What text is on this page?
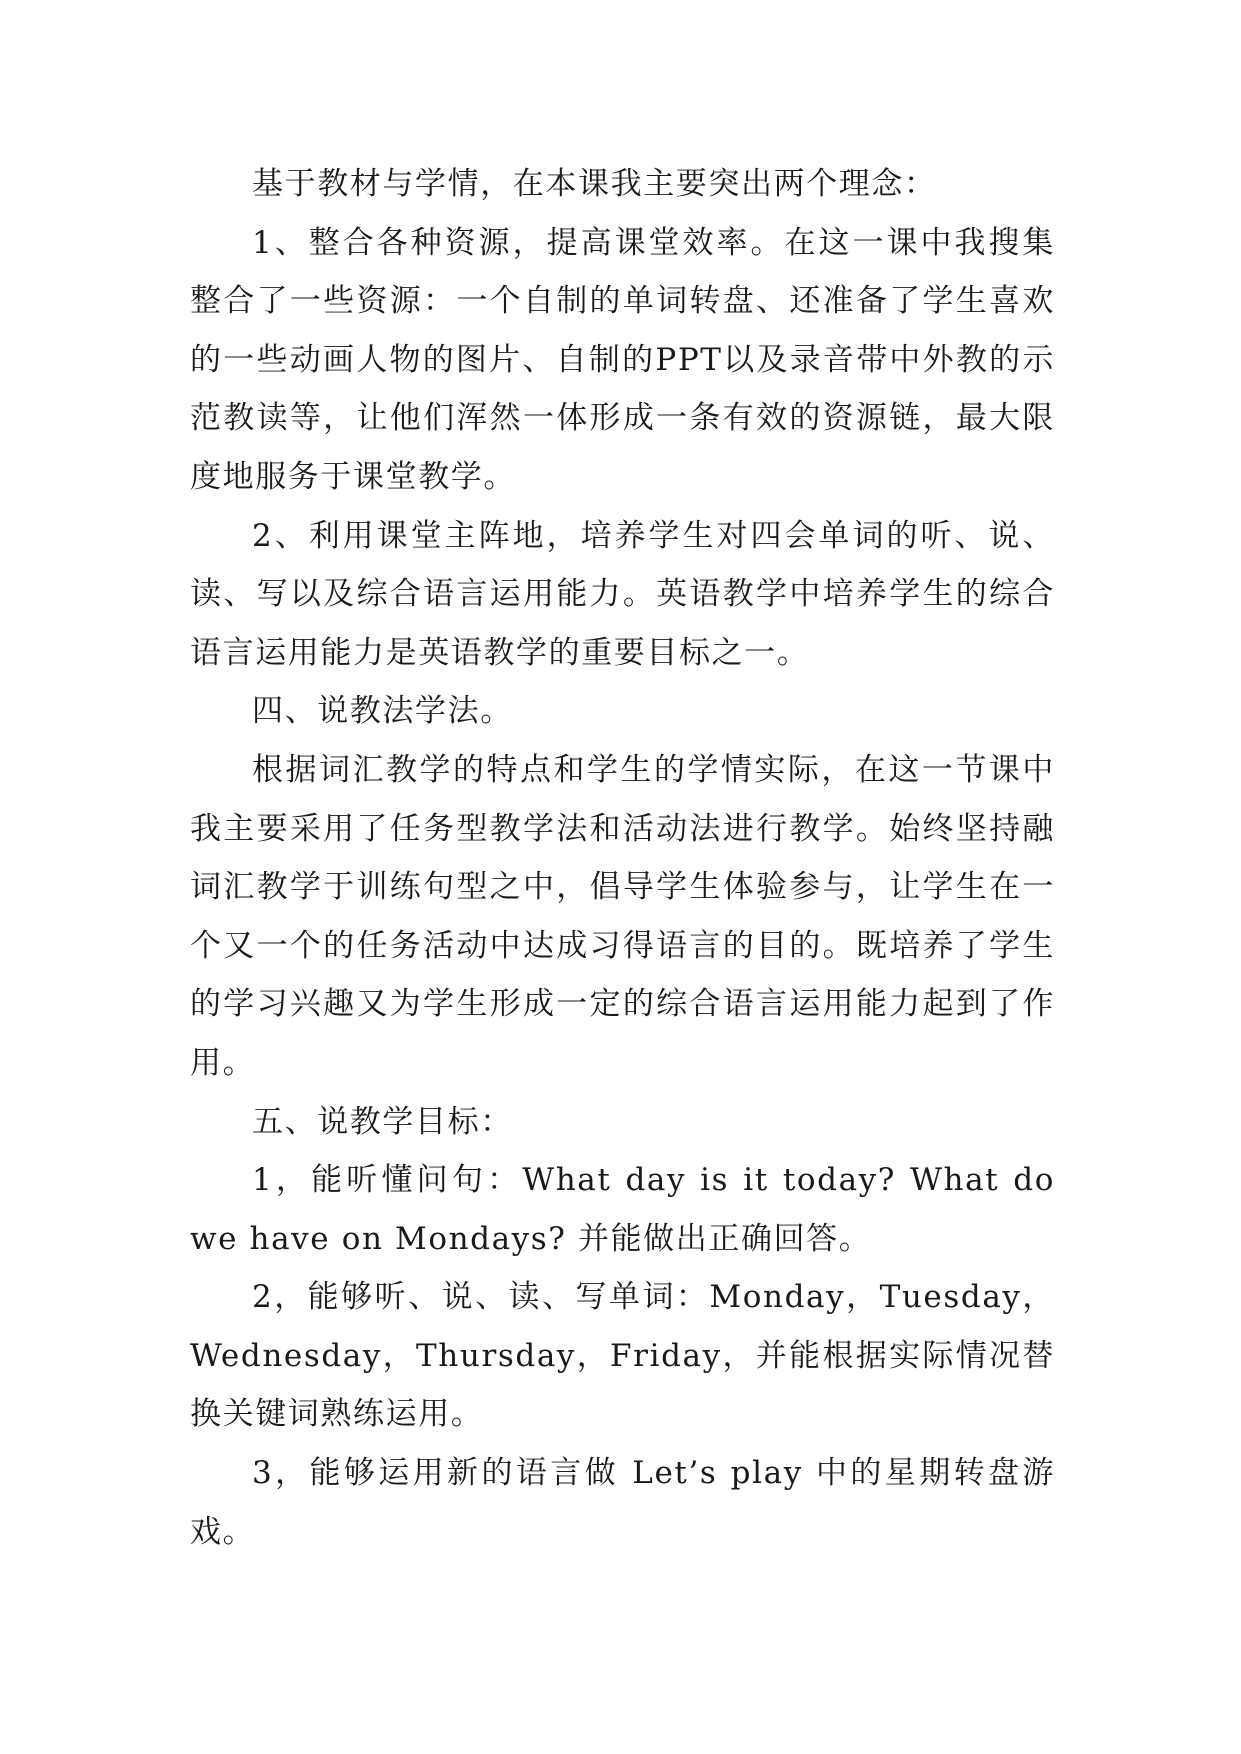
基于教材与学情，在本课我主要突出两个理念：

1、整合各种资源，提高课堂效率。在这一课中我搜集整合了一些资源：一个自制的单词转盘、还准备了学生喜欢的一些动画人物的图片、自制的PPT以及录音带中外教的示范教读等，让他们浑然一体形成一条有效的资源链，最大限度地服务于课堂教学。

2、利用课堂主阵地，培养学生对四会单词的听、说、读、写以及综合语言运用能力。英语教学中培养学生的综合语言运用能力是英语教学的重要目标之一。

四、说教法学法。

根据词汇教学的特点和学生的学情实际，在这一节课中我主要采用了任务型教学法和活动法进行教学。始终坚持融词汇教学于训练句型之中，倡导学生体验参与，让学生在一个又一个的任务活动中达成习得语言的目的。既培养了学生的学习兴趣又为学生形成一定的综合语言运用能力起到了作用。

五、说教学目标：

1，能听懂问句：What day is it today? What do we have on Mondays? 并能做出正确回答。

2，能够听、说、读、写单词：Monday，Tuesday，Wednesday，Thursday，Friday，并能根据实际情况替换关键词熟练运用。

3，能够运用新的语言做 Let’s play 中的星期转盘游戏。
